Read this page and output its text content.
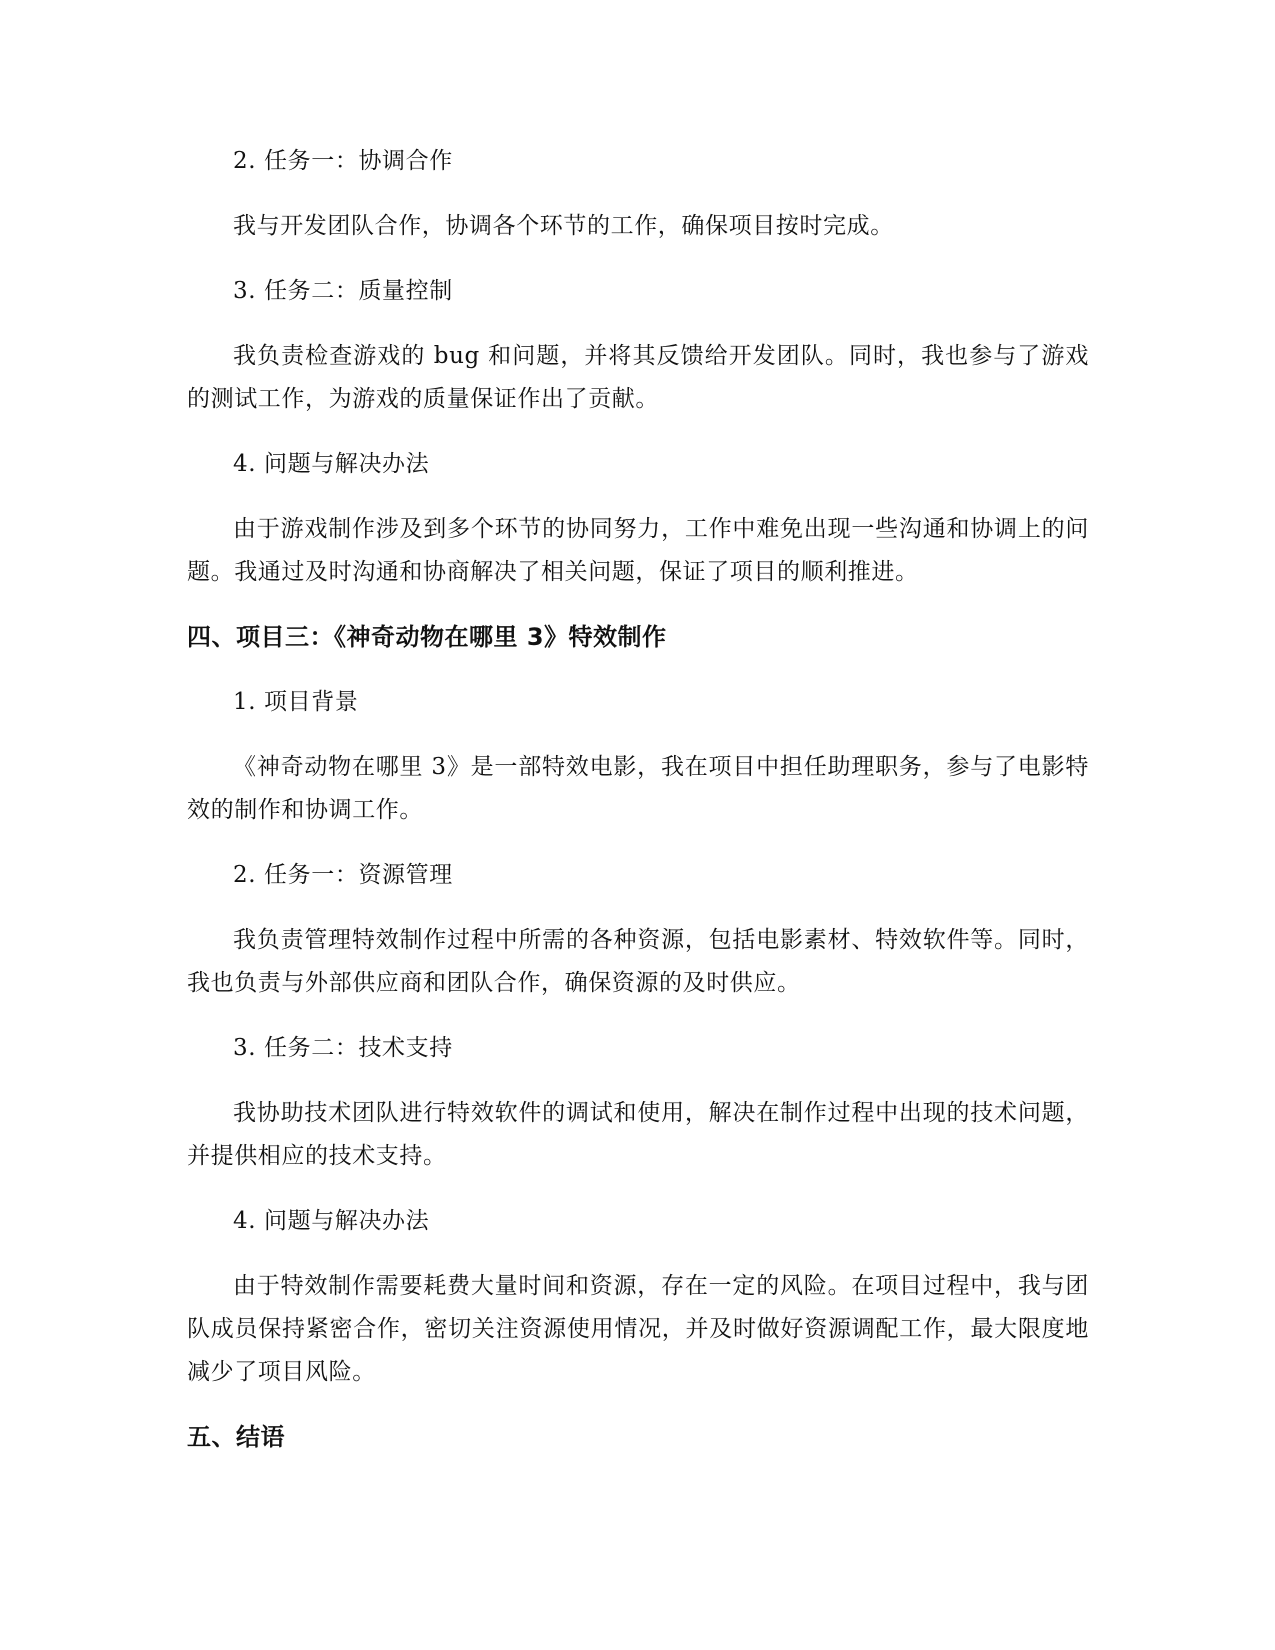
2. 任务一：协调合作

我与开发团队合作，协调各个环节的工作，确保项目按时完成。

3. 任务二：质量控制

我负责检查游戏的 bug 和问题，并将其反馈给开发团队。同时，我也参与了游戏的测试工作，为游戏的质量保证作出了贡献。

4. 问题与解决办法

由于游戏制作涉及到多个环节的协同努力，工作中难免出现一些沟通和协调上的问题。我通过及时沟通和协商解决了相关问题，保证了项目的顺利推进。

四、项目三：《神奇动物在哪里 3》特效制作

1. 项目背景

《神奇动物在哪里 3》是一部特效电影，我在项目中担任助理职务，参与了电影特效的制作和协调工作。

2. 任务一：资源管理

我负责管理特效制作过程中所需的各种资源，包括电影素材、特效软件等。同时，我也负责与外部供应商和团队合作，确保资源的及时供应。

3. 任务二：技术支持

我协助技术团队进行特效软件的调试和使用，解决在制作过程中出现的技术问题，并提供相应的技术支持。

4. 问题与解决办法

由于特效制作需要耗费大量时间和资源，存在一定的风险。在项目过程中，我与团队成员保持紧密合作，密切关注资源使用情况，并及时做好资源调配工作，最大限度地减少了项目风险。

五、结语
